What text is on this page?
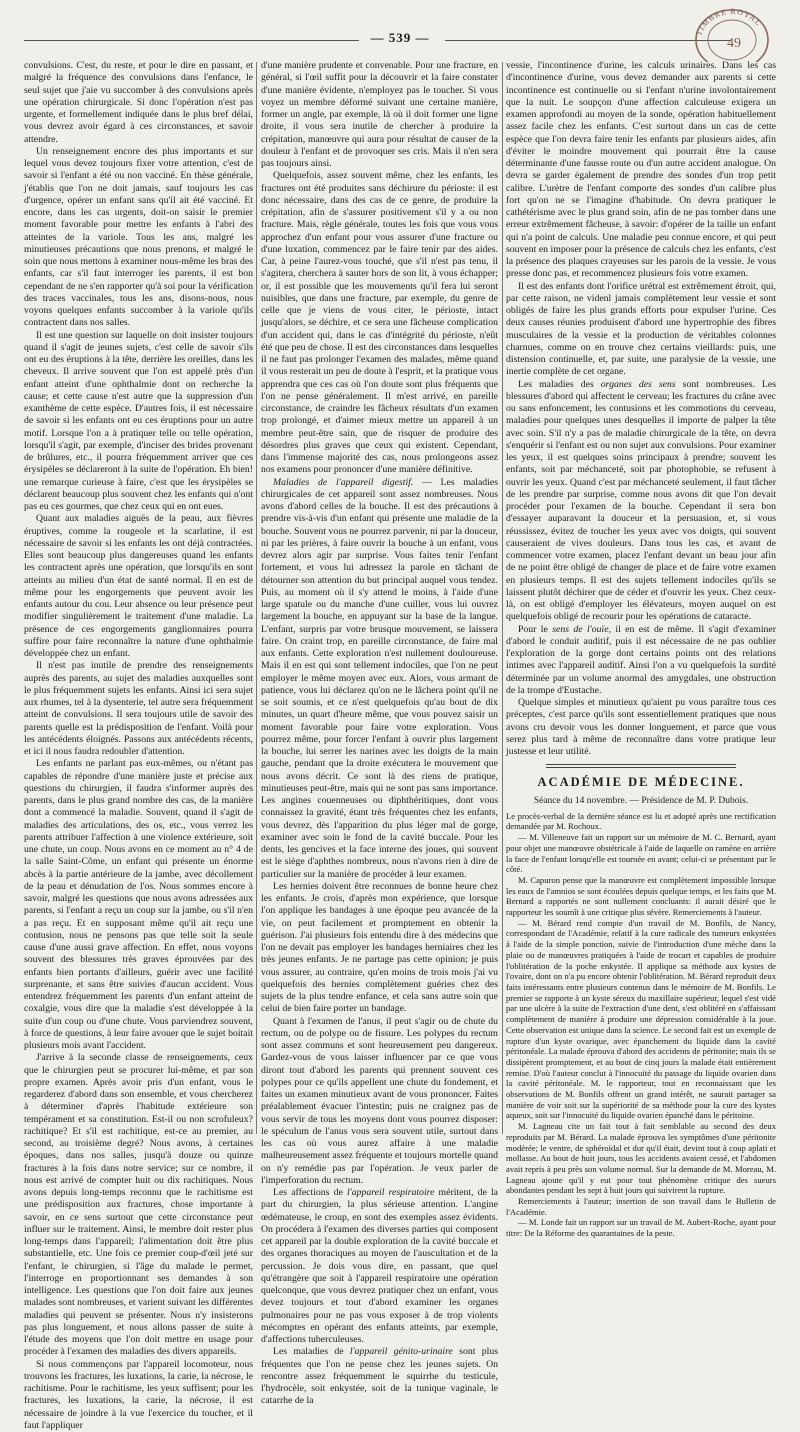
— 539 —	TIMBRE ROYAL
49

convulsions. C'est, du reste, et pour le dire en passant, et malgré la fréquence des convulsions dans l'enfance, le seul sujet que j'aie vu succomber à des convulsions après une opération chirurgicale. Si donc l'opération n'est pas urgente, et formellement indiquée dans le plus bref délai, vous devrez avoir égard à ces circonstances, et savoir attendre.

Un renseignement encore des plus importants et sur lequel vous devez toujours fixer votre attention, c'est de savoir si l'enfant a été ou non vacciné. En thèse générale, j'établis que l'on ne doit jamais, sauf toujours les cas d'urgence, opérer un enfant sans qu'il ait été vacciné. Et encore, dans les cas urgents, doit-on saisir le premier moment favorable pour mettre les enfants à l'abri des atteintes de la variole. Tous les ans, malgré les minutieuses précautions que nous prenons, et malgré le soin que nous mettons à examiner nous-même les bras des enfants, car s'il faut interroger les parents, il est bon cependant de ne s'en rapporter qu'à soi pour la vérification des traces vaccinales, tous les ans, disons-nous, nous voyons quelques enfants succomber à la variole qu'ils contractent dans nos salles.

Il est une question sur laquelle on doit insister toujours quand il s'agit de jeunes sujets, c'est celle de savoir s'ils ont eu des éruptions à la tête, derrière les oreilles, dans les cheveux. Il arrive souvent que l'on est appelé près d'un enfant atteint d'une ophthalmie dont on recherche la cause; et cette cause n'est autre que la suppression d'un exanthème de cette espèce. D'autres fois, il est nécessaire de savoir si les enfants ont eu ces éruptions pour un autre motif. Lorsque l'on a à pratiquer telle ou telle opération, lorsqu'il s'agit, par exemple, d'inciser des brides provenant de brûlures, etc., il pourra fréquemment arriver que ces érysipèles se déclareront à la suite de l'opération. Eh bien! une remarque curieuse à faire, c'est que les érysipèles se déclarent beaucoup plus souvent chez les enfants qui n'ont pas eu ces gourmes, que chez ceux qui en ont eues.

Quant aux maladies aiguës de la peau, aux fièvres éruptives, comme la rougeole et la scarlatine, il est nécessaire de savoir si les enfants les ont déjà contractées. Elles sont beaucoup plus dangereuses quand les enfants les contractent après une opération, que lorsqu'ils en sont atteints au milieu d'un état de santé normal. Il en est de même pour les engorgements que peuvent avoir les enfants autour du cou. Leur absence ou leur présence peut modifier singulièrement le traitement d'une maladie. La présence de ces engorgements ganglionnaires pourra suffire pour faire reconnaître la nature d'une ophthalmie développée chez un enfant.

Il n'est pas inutile de prendre des renseignements auprès des parents, au sujet des maladies auxquelles sont le plus fréquemment sujets les enfants. Ainsi ici sera sujet aux rhumes, tel à la dysenterie, tel autre sera fréquemment atteint de convulsions. Il sera toujours utile de savoir des parents quelle est la prédisposition de l'enfant. Voilà pour les antécédents éloignés. Passons aux antécédents récents, et ici il nous faudra redoubler d'attention.

Les enfants ne parlant pas eux-mêmes, ou n'étant pas capables de répondre d'une manière juste et précise aux questions du chirurgien, il faudra s'informer auprès des parents, dans le plus grand nombre des cas, de la manière dont a commencé la maladie. Souvent, quand il s'agit de maladies des articulations, des os, etc., vous verrez les parents attribuer l'affection à une violence extérieure, soit une chute, un coup. Nous avons en ce moment au n° 4 de la salle Saint-Côme, un enfant qui présente un énorme abcès à la partie antérieure de la jambe, avec décollement de la peau et dénudation de l'os. Nous sommes encore à savoir, malgré les questions que nous avons adressées aux parents, si l'enfant a reçu un coup sur la jambe, ou s'il n'en a pas reçu. Et en supposant même qu'il ait reçu une contusion, nous ne pensons pas que telle soit la seule cause d'une aussi grave affection. En effet, nous voyons souvent des blessures très graves éprouvées par des enfants bien portants d'ailleurs, guérir avec une facilité surprenante, et sans être suivies d'aucun accident. Vous entendrez fréquemment les parents d'un enfant atteint de coxalgie, vous dire que la maladie s'est développée à la suite d'un coup ou d'une chute. Vous parviendrez souvent, à force de questions, à leur faire avouer que le sujet boitait plusieurs mois avant l'accident.

J'arrive à la seconde classe de renseignements, ceux que le chirurgien peut se procurer lui-même, et par son propre examen. Après avoir pris d'un enfant, vous le regarderez d'abord dans son ensemble, et vous chercherez à déterminer d'après l'habitude extérieure son tempérament et sa constitution. Est-il ou non scrofuleux? rachitique? Et s'il est rachitique, est-ce au premier, au second, au troisième degré? Nous avons, à certaines époques, dans nos salles, jusqu'à douze ou quinze fractures à la fois dans notre service; sur ce nombre, il nous est arrivé de compter huit ou dix rachitiques. Nous avons depuis long-temps reconnu que le rachitisme est une prédisposition aux fractures, chose importante à savoir, en ce sens surtout que cette circonstance peut influer sur le traitement. Ainsi, le membre doit rester plus long-temps dans l'appareil; l'alimentation doit être plus substantielle, etc. Une fois ce premier coup-d'œil jeté sur l'enfant, le chirurgien, si l'âge du malade le permet, l'interroge en proportionnant ses demandes à son intelligence. Les questions que l'on doit faire aux jeunes malades sont nombreuses, et varient suivant les différentes maladies qui peuvent se présenter. Nous n'y insisterons pas plus longuement, et nous allons passer de suite à l'étude des moyens que l'on doit mettre en usage pour procéder à l'examen des maladies des divers appareils.

Si nous commençons par l'appareil locomoteur, nous trouvons les fractures, les luxations, la carie, la nécrose, le rachitisme. Pour le rachitisme, les yeux suffisent; pour les fractures, les luxations, la carie, la nécrose, il est nécessaire de joindre à la vue l'exercice du toucher, et il faut l'appliquer

d'une manière prudente et convenable. Pour une fracture, en général, si l'œil suffit pour la découvrir et la faire constater d'une manière évidente, n'employez pas le toucher. Si vous voyez un membre déformé suivant une certaine manière, former un angle, par exemple, là où il doit former une ligne droite, il vous sera inutile de chercher à produire la crépitation, manœuvre qui aura pour résultat de causer de la douleur à l'enfant et de provoquer ses cris. Mais il n'en sera pas toujours ainsi.

Quelquefois, assez souvent même, chez les enfants, les fractures ont été produites sans déchirure du périoste: il est donc nécessaire, dans des cas de ce genre, de produire la crépitation, afin de s'assurer positivement s'il y a ou non fracture. Mais, règle générale, toutes les fois que vous vous approchez d'un enfant pour vous assurer d'une fracture ou d'une luxation, commencez par le faire tenir par des aides. Car, à peine l'aurez-vous touché, que s'il n'est pas tenu, il s'agitera, cherchera à sauter hors de son lit, à vous échapper; or, il est possible que les mouvements qu'il fera lui seront nuisibles, que dans une fracture, par exemple, du genre de celle que je viens de vous citer, le périoste, intact jusqu'alors, se déchire, et ce sera une fâcheuse complication d'un accident qui, dans le cas d'intégrité du périoste, n'eût été que peu de chose. Il est des circonstances dans lesquelles il ne faut pas prolonger l'examen des malades, même quand il vous resterait un peu de doute à l'esprit, et la pratique vous apprendra que ces cas où l'on doute sont plus fréquents que l'on ne pense généralement. Il m'est arrivé, en pareille circonstance, de craindre les fâcheux résultats d'un examen trop prolongé, et d'aimer mieux mettre un appareil à un membre peut-être sain, que de risquer de produire des désordres plus graves que ceux qui existent. Cependant, dans l'immense majorité des cas, nous prolongeons assez nos examens pour prononcer d'une manière définitive.

Maladies de l'appareil digestif. — Les maladies chirurgicales de cet appareil sont assez nombreuses. Nous avons d'abord celles de la bouche. Il est des précautions à prendre vis-à-vis d'un enfant qui présente une maladie de la bouche. Souvent vous ne pourrez parvenir, ni par la douceur, ni par les prières, à faire ouvrir la bouche à un enfant, vous devrez alors agir par surprise. Vous faites tenir l'enfant fortement, et vous lui adressez la parole en tâchant de détourner son attention du but principal auquel vous tendez. Puis, au moment où il s'y attend le moins, à l'aide d'une large spatule ou du manche d'une cuiller, vous lui ouvrez largement la bouche, en appuyant sur la base de la langue. L'enfant, surpris par votre brusque mouvement, se laissera faire. On craint trop, en pareille circonstance, de faire mal aux enfants. Cette exploration n'est nullement douloureuse. Mais il en est qui sont tellement indociles, que l'on ne peut employer le même moyen avec eux. Alors, vous armant de patience, vous lui déclarez qu'on ne le lâchera point qu'il ne se soit soumis, et ce n'est quelquefois qu'au bout de dix minutes, un quart d'heure même, que vous pouvez saisir un moment favorable pour faire votre exploration. Vous pourrez même, pour forcer l'enfant à ouvrir plus largement la bouche, lui serrer les narines avec les doigts de la main gauche, pendant que la droite exécutera le mouvement que nous avons décrit. Ce sont là des riens de pratique, minutieuses peut-être, mais qui ne sont pas sans importance. Les angines couenneuses ou diphthéritiques, dont vous connaissez la gravité, étant très fréquentes chez les enfants, vous devrez, dès l'apparition du plus léger mal de gorge, examiner avec soin le fond de la cavité buccale. Pour les dents, les gencives et la face interne des joues, qui souvent est le siège d'aphthes nombreux, nous n'avons rien à dire de particulier sur la manière de procéder à leur examen.

Les hernies doivent être reconnues de bonne heure chez les enfants. Je crois, d'après mon expérience, que lorsque l'on applique les bandages à une époque peu avancée de la vie, on peut facilement et promptement en obtenir la guérison. J'ai plusieurs fois entendu dire à des médecins que l'on ne devait pas employer les bandages herniaires chez les très jeunes enfants. Je ne partage pas cette opinion; je puis vous assurer, au contraire, qu'en moins de trois mois j'ai vu quelquefois des hernies complètement guéries chez des sujets de la plus tendre enfance, et cela sans autre soin que celui de bien faire porter un bandage.

Quant à l'examen de l'anus, il peut s'agir ou de chute du rectum, ou de polype ou de fissure. Les polypes du rectum sont assez communs et sont heureusement peu dangereux. Gardez-vous de vous laisser influencer par ce que vous diront tout d'abord les parents qui prennent souvent ces polypes pour ce qu'ils appellent une chute du fondement, et faites un examen minutieux avant de vous prononcer. Faites préalablement évacuer l'intestin; puis ne craignez pas de vous servir de tous les moyens dont vous pourrez disposer: le spéculum de l'anus vous sera souvent utile, surtout dans les cas où vous aurez affaire à une maladie malheureusement assez fréquente et toujours mortelle quand on n'y remédie pas par l'opération. Je veux parler de l'imperforation du rectum.

Les affections de l'appareil respiratoire méritent, de la part du chirurgien, la plus sérieuse attention. L'angine œdémateuse, le croup, en sont des exemples assez évidents. On procédera à l'examen des diverses parties qui composent cet appareil par la double exploration de la cavité buccale et des organes thoraciques au moyen de l'auscultation et de la percussion. Je dois vous dire, en passant, que quel qu'étrangère que soit à l'appareil respiratoire une opération quelconque, que vous devrez pratiquer chez un enfant, vous devez toujours et tout d'abord examiner les organes pulmonaires pour ne pas vous exposer à de trop violents mécomptes en opérant des enfants atteints, par exemple, d'affections tuberculeuses.

Les maladies de l'appareil génito-urinaire sont plus fréquentes que l'on ne pense chez les jeunes sujets. On rencontre assez fréquemment le squirrhe du testicule, l'hydrocèle, soit enkystée, soit de la tunique vaginale, le catarrhe de la

vessie, l'incontinence d'urine, les calculs urinaires. Dans les cas d'incontinence d'urine, vous devez demander aux parents si cette incontinence est continuelle ou si l'enfant n'urine involontairement que la nuit. Le soupçon d'une affection calculeuse exigera un examen approfondi au moyen de la sonde, opération habituellement assez facile chez les enfants. C'est surtout dans un cas de cette espèce que l'on devra faire tenir les enfants par plusieurs aides, afin d'éviter le moindre mouvement qui pourrait être la cause déterminante d'une fausse route ou d'un autre accident analogue. On devra se garder également de prendre des sondes d'un trop petit calibre. L'urètre de l'enfant comporte des sondes d'un calibre plus fort qu'on ne se l'imagine d'habitude. On devra pratiquer le cathétérisme avec le plus grand soin, afin de ne pas tomber dans une erreur extrêmement fâcheuse, à savoir: d'opérer de la taille un enfant qui n'a point de calculs. Une maladie peu connue encore, et qui peut souvent en imposer pour la présence de calculs chez les enfants, c'est la présence des plaques crayeuses sur les parois de la vessie. Je vous presse donc pas, et recommencez plusieurs fois votre examen.

Il est des enfants dont l'orifice urétral est extrêmement étroit, qui, par cette raison, ne videnl jamais complètement leur vessie et sont obligés de faire les plus grands efforts pour expulser l'urine. Ces deux causes réunies produisent d'abord une hypertrophie des fibres musculaires de la vessie et la production de véritables colonnes charnues, comme on en trouve chez certains vieillards: puis, une distension continuelle, et, par suite, une paralysie de la vessie, une inertie complète de cet organe.

Les maladies des organes des sens sont nombreuses. Les blessures d'abord qui affectent le cerveau; les fractures du crâne avec ou sans enfoncement, les contusions et les commotions du cerveau, maladies pour quelques unes desquelles il importe de palper la tête avec soin. S'il n'y a pas de maladie chirurgicale de la tête, on devra s'enquérir si l'enfant est ou non sujet aux convulsions. Pour examiner les yeux, il est quelques soins principaux à prendre; souvent les enfants, soit par méchanceté, soit par photophobie, se refusent à ouvrir les yeux. Quand c'est par méchanceté seulement, il faut tâcher de les prendre par surprise, comme nous avons dit que l'on devait procéder pour l'examen de la bouche. Cependant il sera bon d'essayer auparavant la douceur et la persuasion, et, si vous réussissez, évitez de toucher les yeux avec vos doigts, qui souvent causeraient de vives douleurs. Dans tous les cas, et avant de commencer votre examen, placez l'enfant devant un beau jour afin de ne point être obligé de changer de place et de faire votre examen en plusieurs temps. Il est des sujets tellement indociles qu'ils se laissent plutôt déchirer que de céder et d'ouvrir les yeux. Chez ceux-là, on est obligé d'employer les élévateurs, moyen auquel on est quelquefois obligé de recourir pour les opérations de cataracte.

Pour le sens de l'ouïe, il en est de même. Il s'agit d'examiner d'abord le conduit auditif, puis il est nécessaire de ne pas oublier l'exploration de la gorge dont certains points ont des relations intimes avec l'appareil auditif. Ainsi l'on a vu quelquefois la surdité déterminée par un volume anormal des amygdales, une obstruction de la trompe d'Eustache.

Quelque simples et minutieux qu'aient pu vous paraître tous ces préceptes, c'est parce qu'ils sont essentiellement pratiques que nous avons cru devoir vous les donner longuement, et parce que vous serez plus tard à même de reconnaître dans votre pratique leur justesse et leur utilité.

ACADÉMIE DE MÉDECINE.
Séance du 14 novembre. — Présidence de M. P. Dubois.

Le procès-verbal de la dernière séance est lu et adopté après une rectification demandée par M. Rochoux.

— M. Villeneuve fait un rapport sur un mémoire de M. C. Bernard, ayant pour objet une manœuvre obstétricale à l'aide de laquelle on ramène en arrière la face de l'enfant lorsqu'elle est tournée en avant; celui-ci se présentant par le côté.

M. Capuron pense que la manœuvre est complètement impossible lorsque les eaux de l'amnios se sont écoulées depuis quelque temps, et les faits que M. Bernard a rapportés ne sont nullement concluants: il aurait désiré que le rapporteur les soumît à une critique plus sévère. Remerciements à l'auteur.

— M. Bérard rend compte d'un travail de M. Bonfils, de Nancy, correspondant de l'Académie, relatif à la cure radicale des tumeurs enkystées à l'aide de la simple ponction, suivie de l'introduction d'une mèche dans la plaie ou de manœuvres pratiquées à l'aide de trocart et capables de produire l'oblitération de la poche enkystée. Il applique sa méthode aux kystes de l'ovaire, dont on n'a pu encore obtenir l'oblitération. M. Bérard reproduit deux faits intéressants entre plusieurs contenus dans le mémoire de M. Bonfils. Le premier se rapporte à un kyste séreux du maxillaire supérieur, lequel s'est vidé par une ulcère à la suite de l'extraction d'une dent, s'est oblitéré en s'affaissant complètement de manière à produire une dépression considérable à la joue. Cette observation est unique dans la science. Le second fait est un exemple de rupture d'un kyste ovarique, avec épanchement du liquide dans la cavité péritonéale. La malade éprouva d'abord des accidents de péritonite; mais ils se dissipèrent promptement, et au bout de cinq jours la malade était entièrement remise. D'où l'auteur conclut à l'innocuité du passage du liquide ovarien dans la cavité péritonéale. M. le rapporteur, tout en reconnaissant que les observations de M. Bonfils offrent un grand intérêt, ne saurait partager sa manière de voir soit sur la supériorité de sa méthode pour la cure des kystes aqueux, soit sur l'innocuité du liquide ovarien épanché dans le péritoine.

M. Lagneau cite un fait tout à fait semblable au second des deux reproduits par M. Bérard. La malade éprouva les symptômes d'une péritonite modérée; le ventre, de sphéroïdal et dur qu'il était, devint tout à coup aplati et mollasse. Au bout de huit jours, tous les accidents avaient cessé, et l'abdomen avait repris à peu près son volume normal. Sur la demande de M. Moreau, M. Lagneau ajoute qu'il y eut pour tout phénomène critique des sueurs abondantes pendant les sept à huit jours qui suivirent la rupture.

Remerciements à l'auteur; insertion de son travail dans le Bulletin de l'Académie.

— M. Londe fait un rapport sur un travail de M. Aubert-Roche, ayant pour titre: De la Réforme des quarantaines de la peste.
